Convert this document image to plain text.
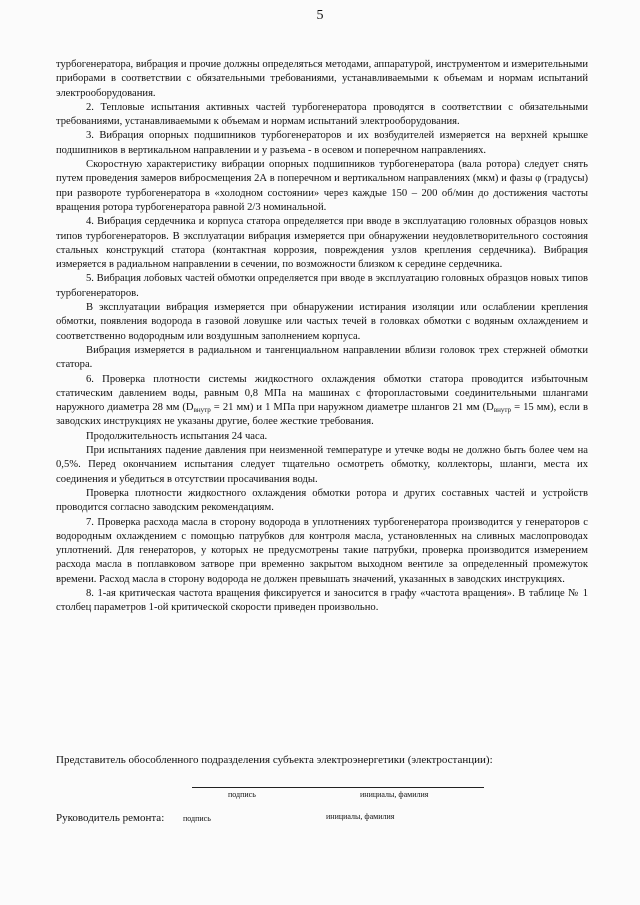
5

турбогенератора, вибрация и прочие должны определяться методами, аппаратурой, инструментом и измерительными приборами в соответствии с обязательными требованиями, устанавливаемыми к объемам и нормам испытаний электрооборудования.

2. Тепловые испытания активных частей турбогенератора проводятся в соответствии с обязательными требованиями, устанавливаемыми к объемам и нормам испытаний электрооборудования.

3. Вибрация опорных подшипников турбогенераторов и их возбудителей измеряется на верхней крышке подшипников в вертикальном направлении и у разъема - в осевом и поперечном направлениях.

Скоростную характеристику вибрации опорных подшипников турбогенератора (вала ротора) следует снять путем проведения замеров вибросмещения 2А в поперечном и вертикальном направлениях (мкм) и фазы φ (градусы) при развороте турбогенератора в «холодном состоянии» через каждые 150 – 200 об/мин до достижения частоты вращения ротора турбогенератора равной 2/3 номинальной.

4. Вибрация сердечника и корпуса статора определяется при вводе в эксплуатацию головных образцов новых типов турбогенераторов. В эксплуатации вибрация измеряется при обнаружении неудовлетворительного состояния стальных конструкций статора (контактная коррозия, повреждения узлов крепления сердечника). Вибрация измеряется в радиальном направлении в сечении, по возможности близком к середине сердечника.

5. Вибрация лобовых частей обмотки определяется при вводе в эксплуатацию головных образцов новых типов турбогенераторов.

В эксплуатации вибрация измеряется при обнаружении истирания изоляции или ослаблении крепления обмотки, появления водорода в газовой ловушке или частых течей в головках обмотки с водяным охлаждением и соответственно водородным или воздушным заполнением корпуса.

Вибрация измеряется в радиальном и тангенциальном направлении вблизи головок трех стержней обмотки статора.

6. Проверка плотности системы жидкостного охлаждения обмотки статора проводится избыточным статическим давлением воды, равным 0,8 МПа на машинах с фторопластовыми соединительными шлангами наружного диаметра 28 мм ($D_{внутр} = 21$ мм) и 1 МПа при наружном диаметре шлангов 21 мм ($D_{внутр} = 15$ мм), если в заводских инструкциях не указаны другие, более жесткие требования.

Продолжительность испытания 24 часа.

При испытаниях падение давления при неизменной температуре и утечке воды не должно быть более чем на 0,5%. Перед окончанием испытания следует тщательно осмотреть обмотку, коллекторы, шланги, места их соединения и убедиться в отсутствии просачивания воды.

Проверка плотности жидкостного охлаждения обмотки ротора и других составных частей и устройств проводится согласно заводским рекомендациям.

7. Проверка расхода масла в сторону водорода в уплотнениях турбогенератора производится у генераторов с водородным охлаждением с помощью патрубков для контроля масла, установленных на сливных маслопроводах уплотнений. Для генераторов, у которых не предусмотрены такие патрубки, проверка производится измерением расхода масла в поплавковом затворе при временно закрытом выходном вентиле за определенный промежуток времени. Расход масла в сторону водорода не должен превышать значений, указанных в заводских инструкциях.

8. 1-ая критическая частота вращения фиксируется и заносится в графу «частота вращения». В таблице № 1 столбец параметров 1-ой критической скорости приведен произвольно.

Представитель обособленного подразделения субъекта электроэнергетики (электростанции):
подпись	инициалы, фамилия
Руководитель ремонта: подпись	инициалы, фамилия
